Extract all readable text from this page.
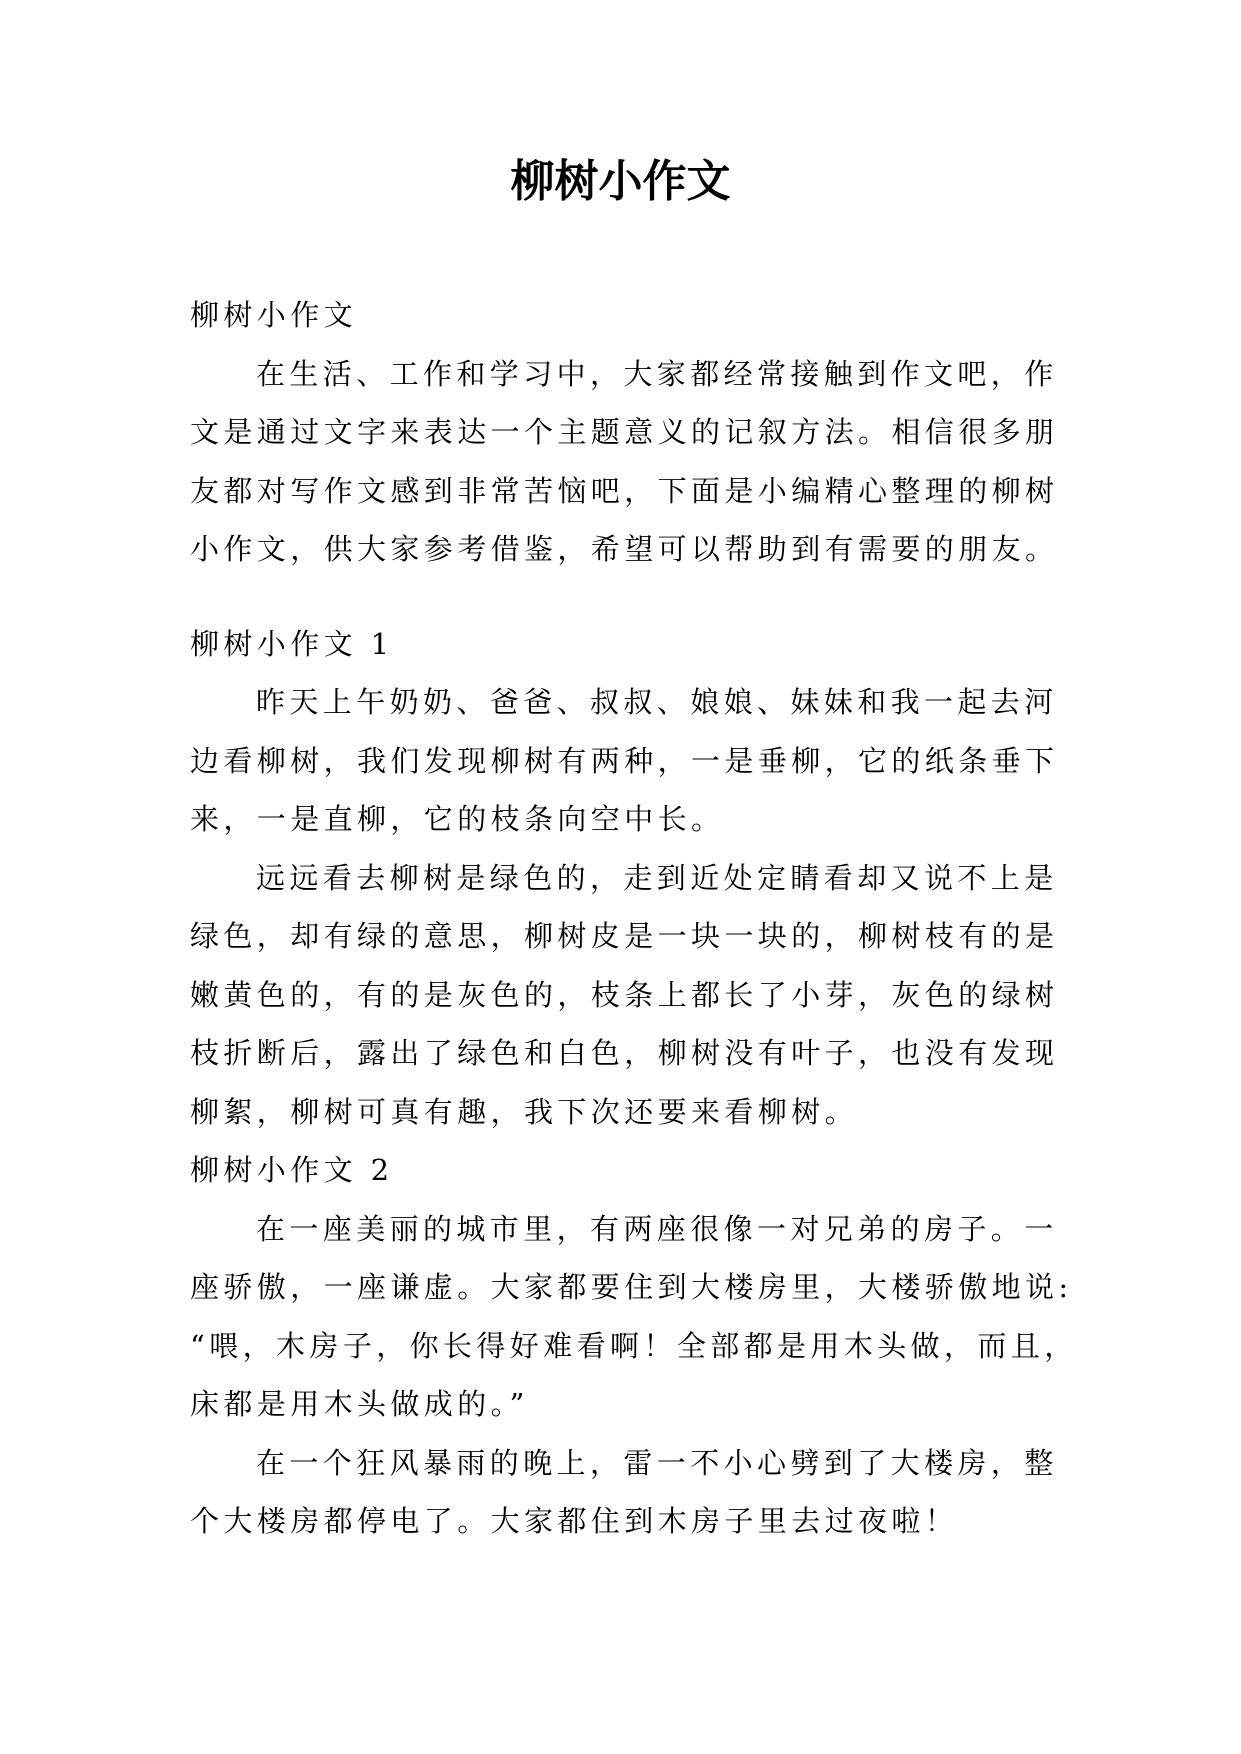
柳树小作文

柳树小作文

在生活、工作和学习中，大家都经常接触到作文吧，作

文是通过文字来表达一个主题意义的记叙方法。相信很多朋

友都对写作文感到非常苦恼吧，下面是小编精心整理的柳树

小作文，供大家参考借鉴，希望可以帮助到有需要的朋友。

柳树小作文 1

昨天上午奶奶、爸爸、叔叔、娘娘、妹妹和我一起去河

边看柳树，我们发现柳树有两种，一是垂柳，它的纸条垂下

来，一是直柳，它的枝条向空中长。

远远看去柳树是绿色的，走到近处定睛看却又说不上是

绿色，却有绿的意思，柳树皮是一块一块的，柳树枝有的是

嫩黄色的，有的是灰色的，枝条上都长了小芽，灰色的绿树

枝折断后，露出了绿色和白色，柳树没有叶子，也没有发现

柳絮，柳树可真有趣，我下次还要来看柳树。

柳树小作文 2

在一座美丽的城市里，有两座很像一对兄弟的房子。一

座骄傲，一座谦虚。大家都要住到大楼房里，大楼骄傲地说:

“喂，木房子，你长得好难看啊！全部都是用木头做，而且，

床都是用木头做成的。”

在一个狂风暴雨的晚上，雷一不小心劈到了大楼房，整

个大楼房都停电了。大家都住到木房子里去过夜啦！
